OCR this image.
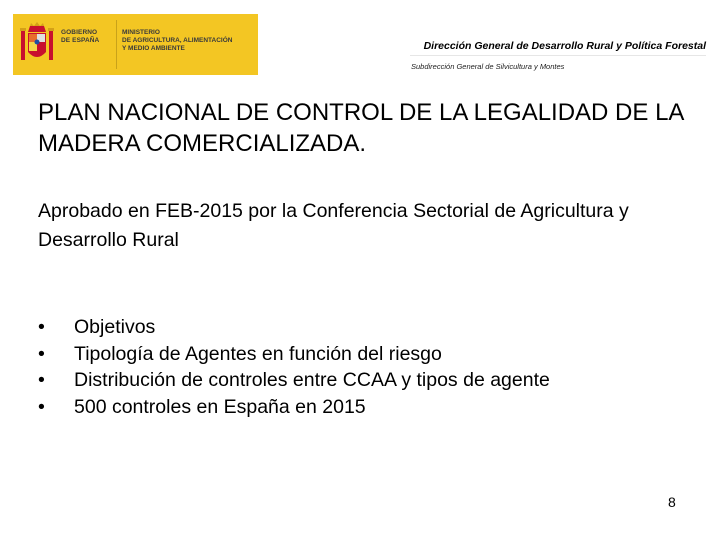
GOBIERNO
DE ESPAÑA
MINISTERIO
DE AGRICULTURA, ALIMENTACIÓN
Y MEDIO AMBIENTE	Dirección General de Desarrollo Rural y Política Forestal
Subdirección General de Silvicultura y Montes
PLAN NACIONAL DE CONTROL DE LA LEGALIDAD DE LA
MADERA COMERCIALIZADA.
Aprobado en FEB-2015 por la Conferencia Sectorial de Agricultura y
Desarrollo Rural
•	Objetivos
•	Tipología de Agentes en función del riesgo
•	Distribución de controles entre CCAA y tipos de agente
•	500 controles en España en 2015
8
